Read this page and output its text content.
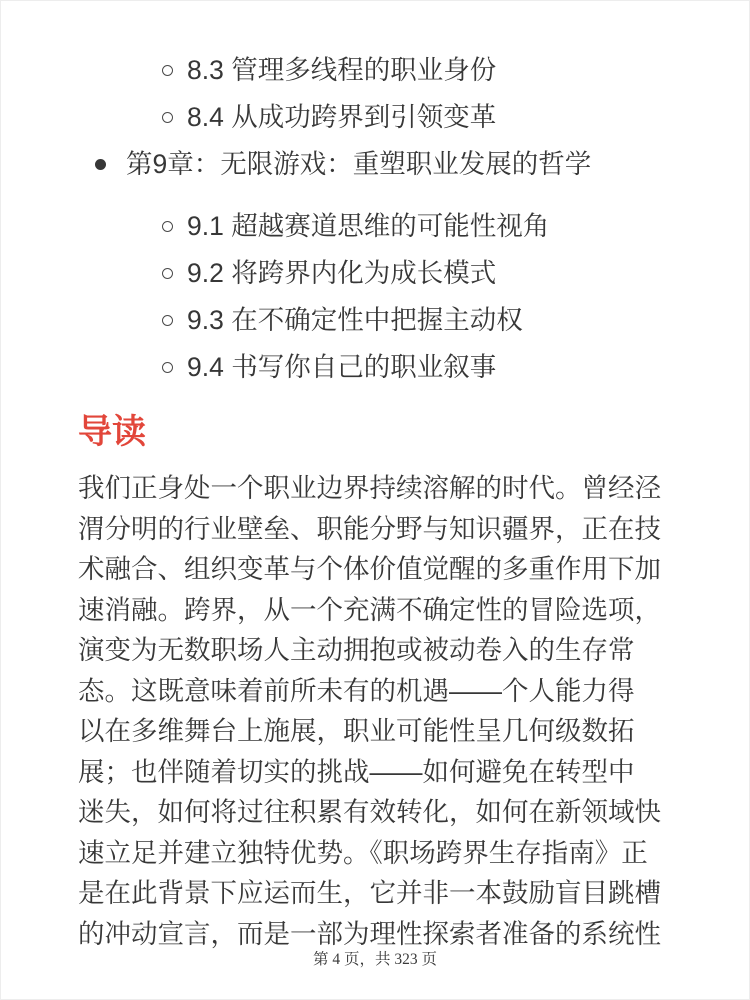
8.3 管理多线程的职业身份
8.4 从成功跨界到引领变革
第9章：无限游戏：重塑职业发展的哲学
9.1 超越赛道思维的可能性视角
9.2 将跨界内化为成长模式
9.3 在不确定性中把握主动权
9.4 书写你自己的职业叙事
导读
我们正身处一个职业边界持续溶解的时代。曾经泾
渭分明的行业壁垒、职能分野与知识疆界，正在技
术融合、组织变革与个体价值觉醒的多重作用下加
速消融。跨界，从一个充满不确定性的冒险选项，
演变为无数职场人主动拥抱或被动卷入的生存常
态。这既意味着前所未有的机遇——个人能力得
以在多维舞台上施展，职业可能性呈几何级数拓
展；也伴随着切实的挑战——如何避免在转型中
迷失，如何将过往积累有效转化，如何在新领域快
速立足并建立独特优势。《职场跨界生存指南》正
是在此背景下应运而生，它并非一本鼓励盲目跳槽
的冲动宣言，而是一部为理性探索者准备的系统性
第 4 页，共 323 页
